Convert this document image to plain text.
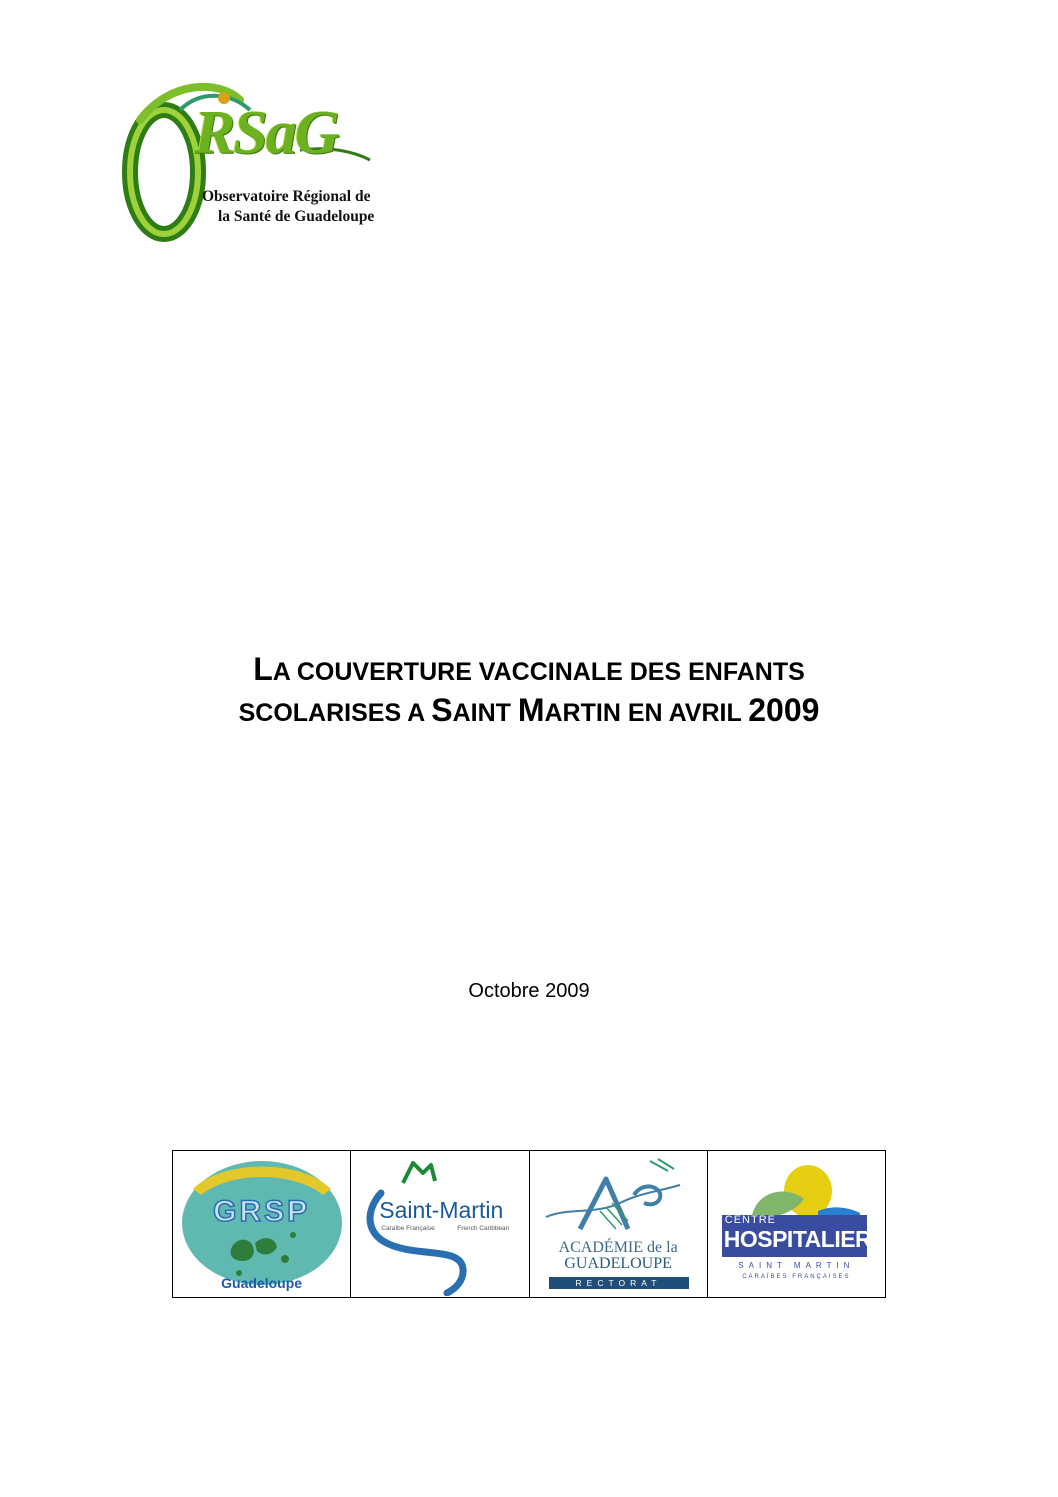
RSaG
Observatoire Régional de
la Santé de Guadeloupe
LA COUVERTURE VACCINALE DES ENFANTS
SCOLARISES A SAINT MARTIN EN AVRIL 2009
Octobre 2009
GRSP
Guadeloupe
Saint-Martin
Caraïbe Française	French Caribbean
ACADÉMIE de la
GUADELOUPE
RECTORAT
CENTRE
HOSPITALIER
SAINT MARTIN
CARAÏBES FRANÇAISES
